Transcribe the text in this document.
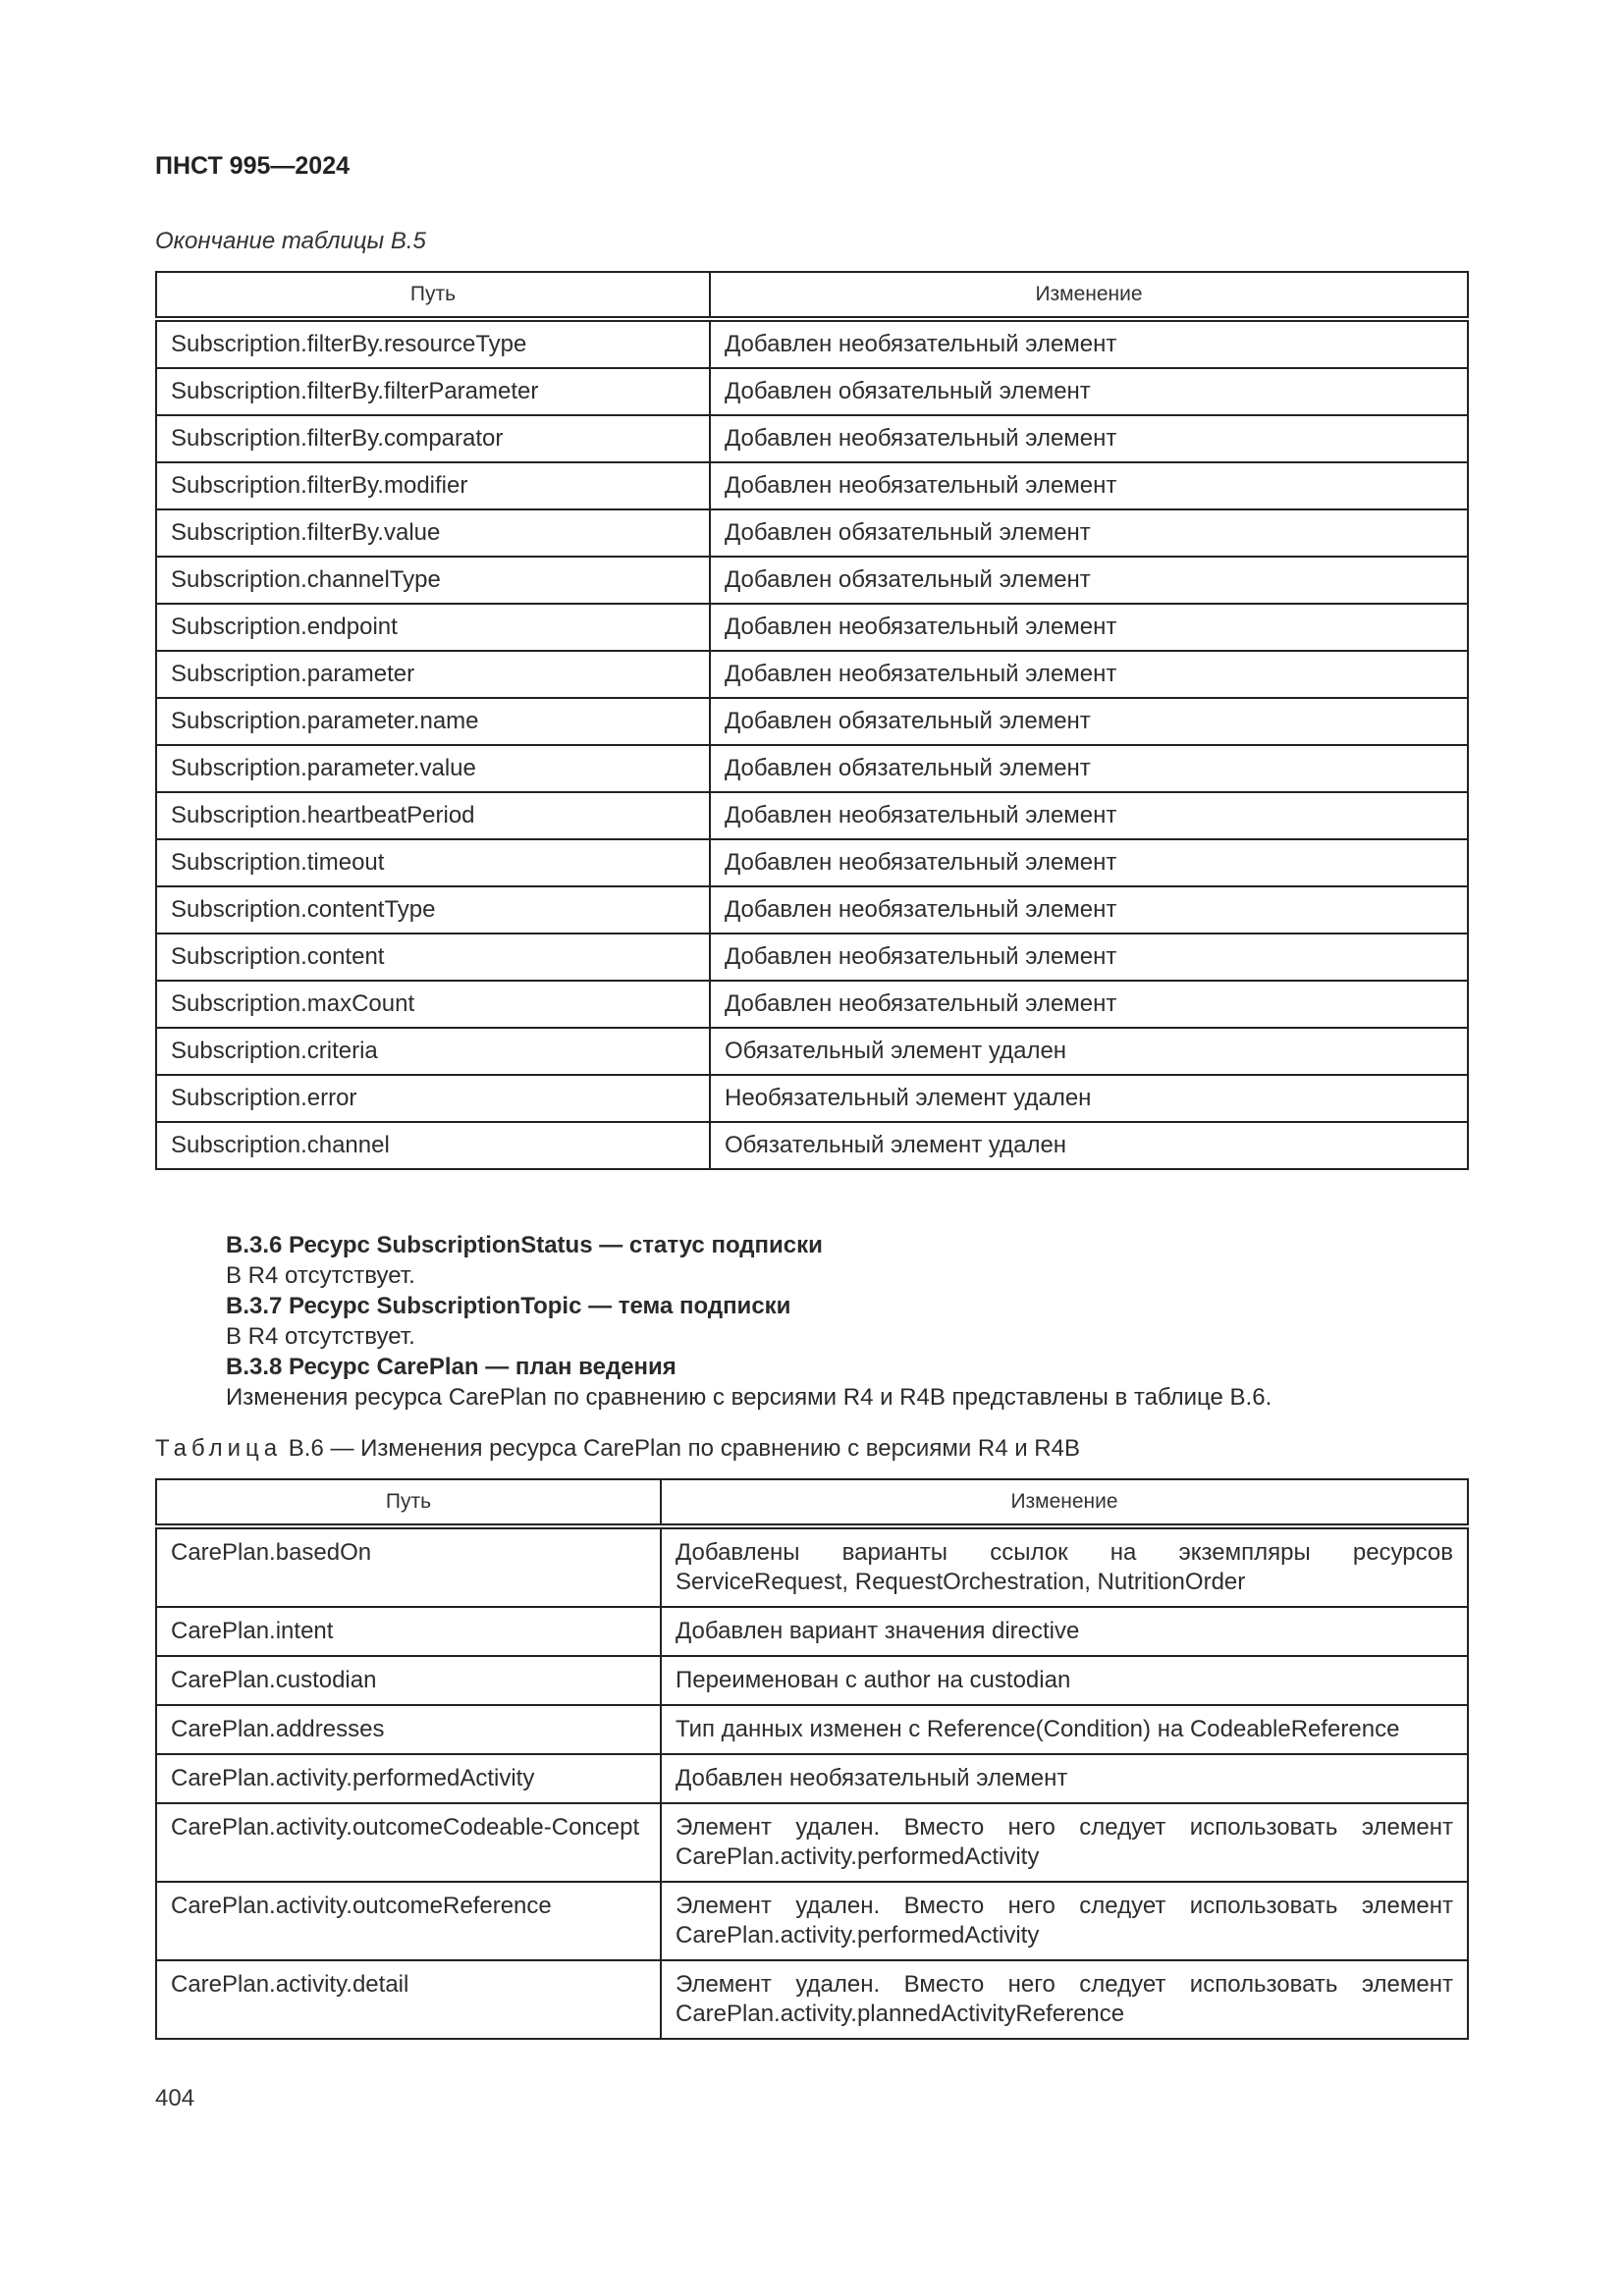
ПНСТ 995—2024
Окончание таблицы В.5
Путь	Изменение
Subscription.filterBy.resourceType	Добавлен необязательный элемент
Subscription.filterBy.filterParameter	Добавлен обязательный элемент
Subscription.filterBy.comparator	Добавлен необязательный элемент
Subscription.filterBy.modifier	Добавлен необязательный элемент
Subscription.filterBy.value	Добавлен обязательный элемент
Subscription.channelType	Добавлен обязательный элемент
Subscription.endpoint	Добавлен необязательный элемент
Subscription.parameter	Добавлен необязательный элемент
Subscription.parameter.name	Добавлен обязательный элемент
Subscription.parameter.value	Добавлен обязательный элемент
Subscription.heartbeatPeriod	Добавлен необязательный элемент
Subscription.timeout	Добавлен необязательный элемент
Subscription.contentType	Добавлен необязательный элемент
Subscription.content	Добавлен необязательный элемент
Subscription.maxCount	Добавлен необязательный элемент
Subscription.criteria	Обязательный элемент удален
Subscription.error	Необязательный элемент удален
Subscription.channel	Обязательный элемент удален
B.3.6 Ресурс SubscriptionStatus — статус подписки
В R4 отсутствует.
B.3.7 Ресурс SubscriptionTopic — тема подписки
В R4 отсутствует.
B.3.8 Ресурс CarePlan — план ведения
Изменения ресурса CarePlan по сравнению с версиями R4 и R4B представлены в таблице В.6.
Таблица В.6 — Изменения ресурса CarePlan по сравнению с версиями R4 и R4B
Путь	Изменение
CarePlan.basedOn	Добавлены варианты ссылок на экземпляры ресурсов ServiceRequest, RequestOrchestration, NutritionOrder
CarePlan.intent	Добавлен вариант значения directive
CarePlan.custodian	Переименован с author на custodian
CarePlan.addresses	Тип данных изменен с Reference(Condition) на CodeableReference
CarePlan.activity.performedActivity	Добавлен необязательный элемент
CarePlan.activity.outcomeCodeable-Concept	Элемент удален. Вместо него следует использовать элемент CarePlan.activity.performedActivity
CarePlan.activity.outcomeReference	Элемент удален. Вместо него следует использовать элемент CarePlan.activity.performedActivity
CarePlan.activity.detail	Элемент удален. Вместо него следует использовать элемент CarePlan.activity.plannedActivityReference
404
